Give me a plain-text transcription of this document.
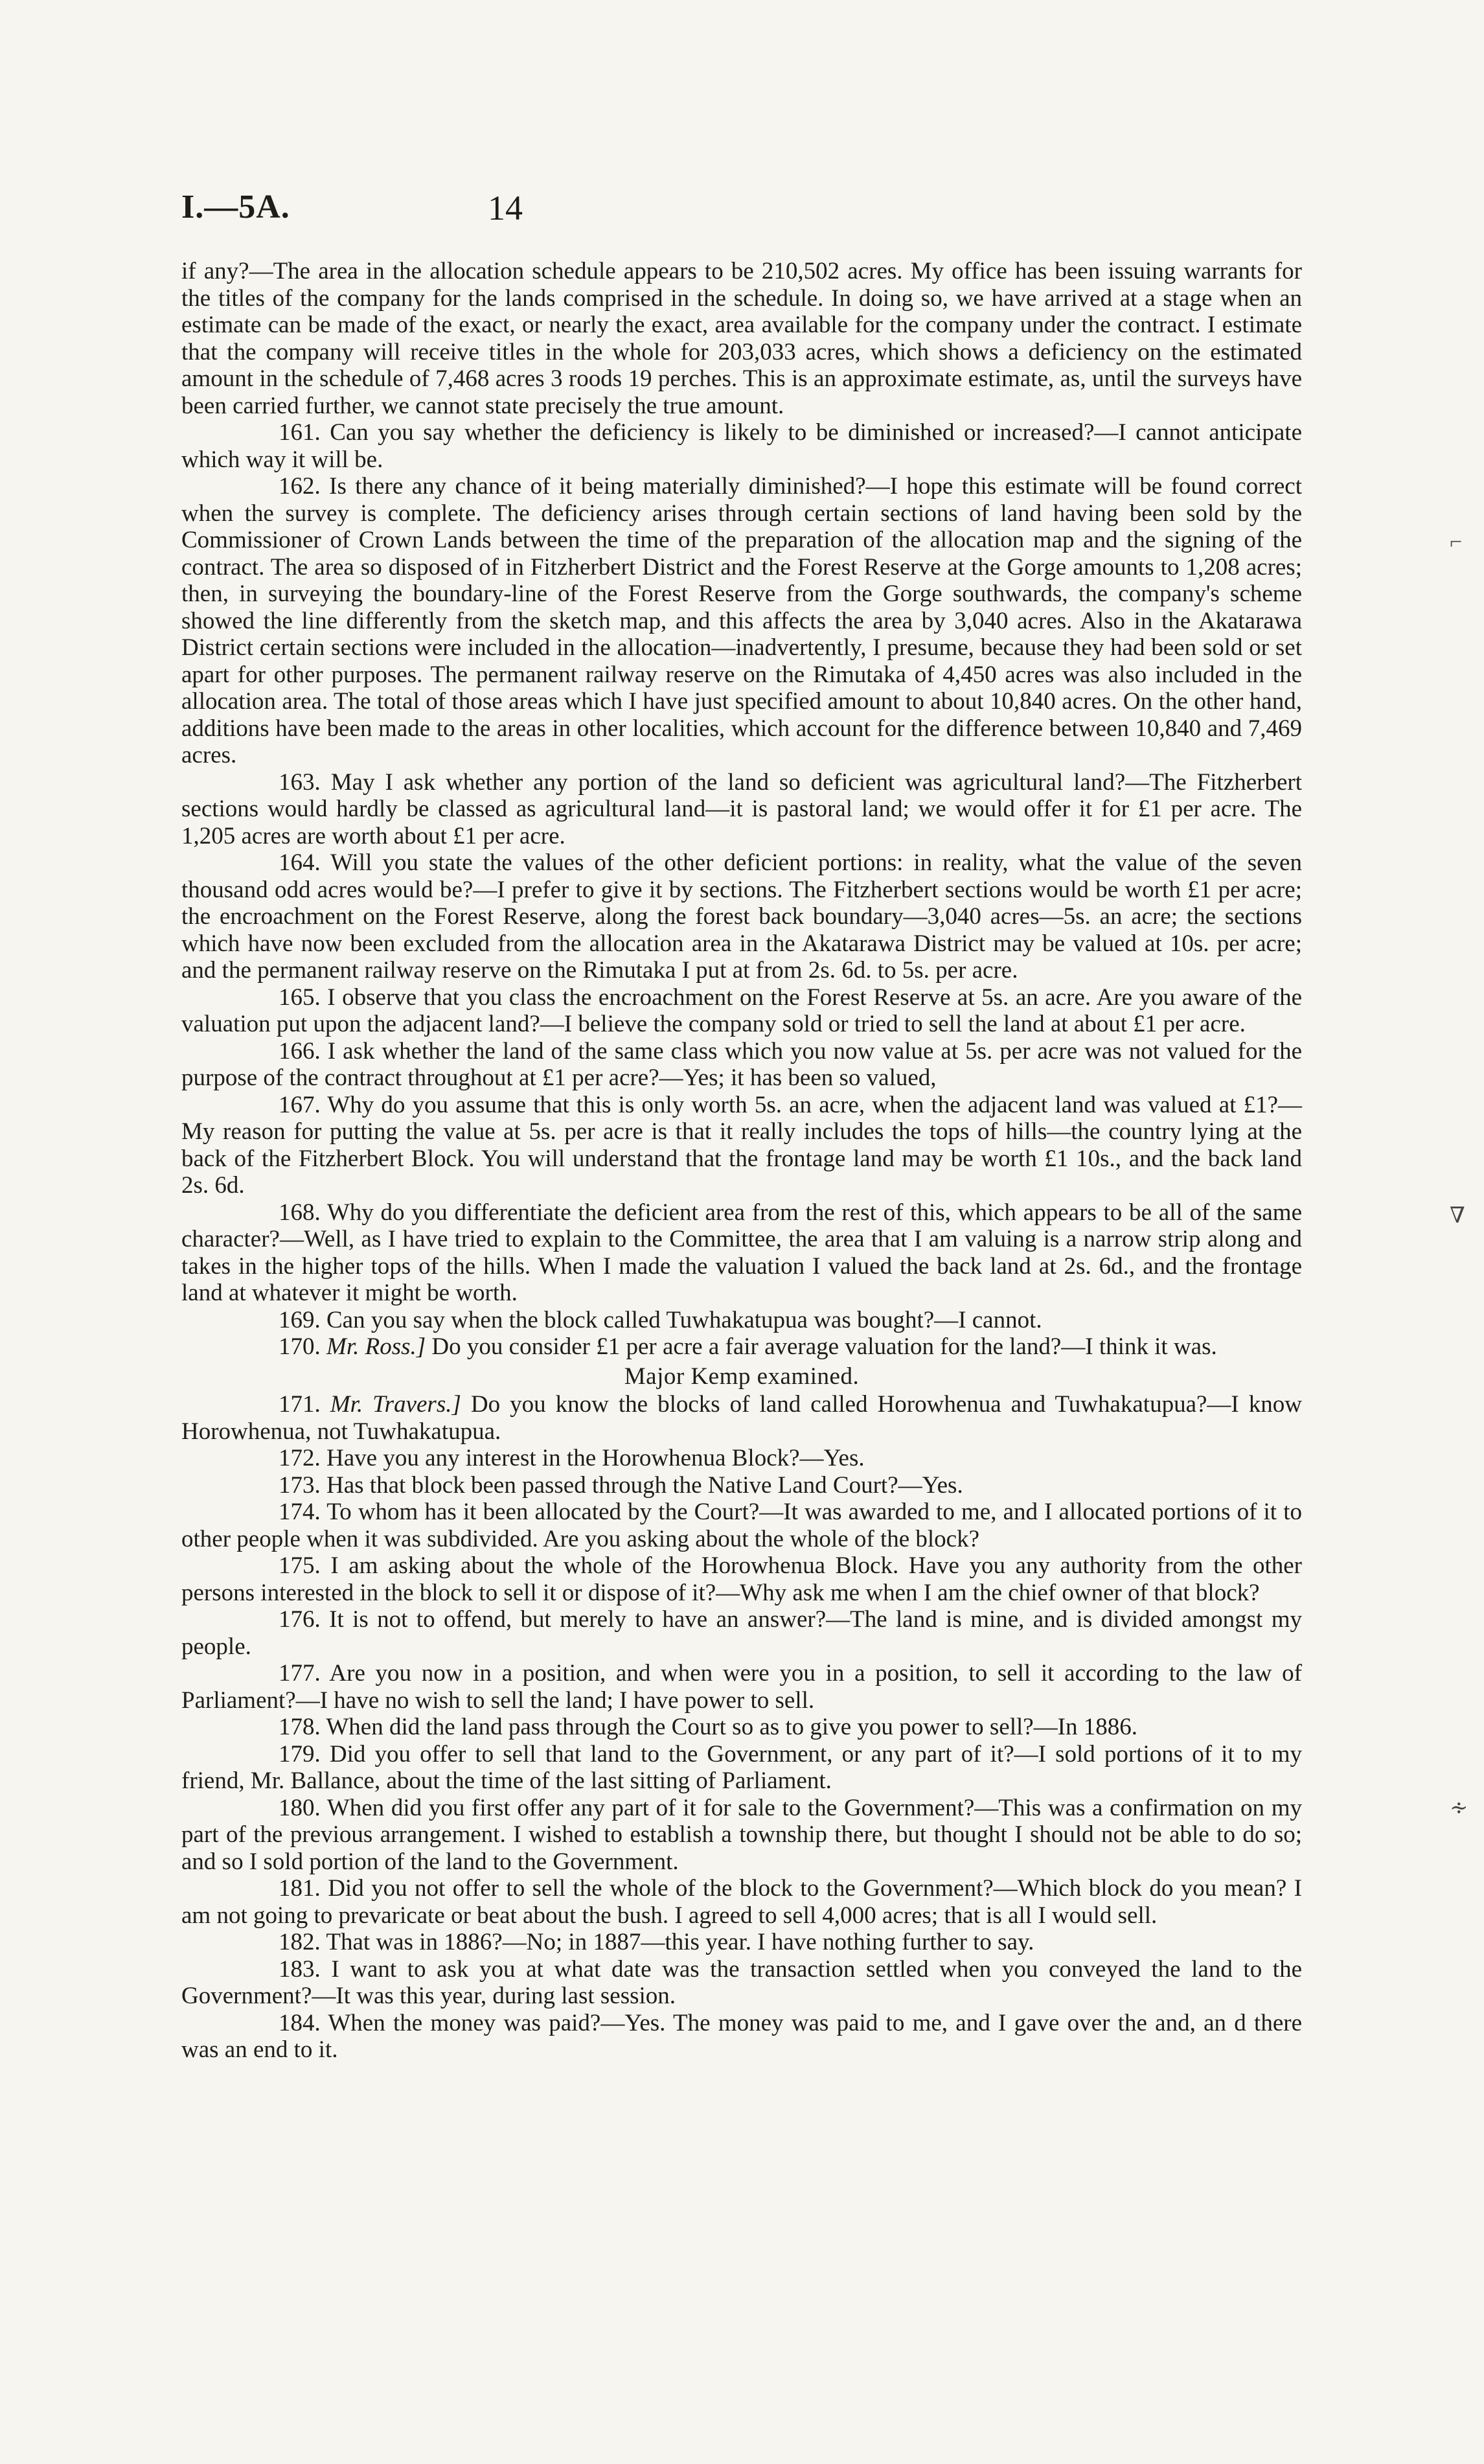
I.—5A.	14

if any?—The area in the allocation schedule appears to be 210,502 acres. My office has been issuing warrants for the titles of the company for the lands comprised in the schedule. In doing so, we have arrived at a stage when an estimate can be made of the exact, or nearly the exact, area available for the company under the contract. I estimate that the company will receive titles in the whole for 203,033 acres, which shows a deficiency on the estimated amount in the schedule of 7,468 acres 3 roods 19 perches. This is an approximate estimate, as, until the surveys have been carried further, we cannot state precisely the true amount.

161. Can you say whether the deficiency is likely to be diminished or increased?—I cannot anticipate which way it will be.

162. Is there any chance of it being materially diminished?—I hope this estimate will be found correct when the survey is complete. The deficiency arises through certain sections of land having been sold by the Commissioner of Crown Lands between the time of the preparation of the allocation map and the signing of the contract. The area so disposed of in Fitzherbert District and the Forest Reserve at the Gorge amounts to 1,208 acres; then, in surveying the boundary-line of the Forest Reserve from the Gorge southwards, the company's scheme showed the line differently from the sketch map, and this affects the area by 3,040 acres. Also in the Akatarawa District certain sections were included in the allocation—inadvertently, I presume, because they had been sold or set apart for other purposes. The permanent railway reserve on the Rimutaka of 4,450 acres was also included in the allocation area. The total of those areas which I have just specified amount to about 10,840 acres. On the other hand, additions have been made to the areas in other localities, which account for the difference between 10,840 and 7,469 acres.

163. May I ask whether any portion of the land so deficient was agricultural land?—The Fitzherbert sections would hardly be classed as agricultural land—it is pastoral land; we would offer it for £1 per acre. The 1,205 acres are worth about £1 per acre.

164. Will you state the values of the other deficient portions: in reality, what the value of the seven thousand odd acres would be?—I prefer to give it by sections. The Fitzherbert sections would be worth £1 per acre; the encroachment on the Forest Reserve, along the forest back boundary—3,040 acres—5s. an acre; the sections which have now been excluded from the allocation area in the Akatarawa District may be valued at 10s. per acre; and the permanent railway reserve on the Rimutaka I put at from 2s. 6d. to 5s. per acre.

165. I observe that you class the encroachment on the Forest Reserve at 5s. an acre. Are you aware of the valuation put upon the adjacent land?—I believe the company sold or tried to sell the land at about £1 per acre.

166. I ask whether the land of the same class which you now value at 5s. per acre was not valued for the purpose of the contract throughout at £1 per acre?—Yes; it has been so valued,

167. Why do you assume that this is only worth 5s. an acre, when the adjacent land was valued at £1?—My reason for putting the value at 5s. per acre is that it really includes the tops of hills—the country lying at the back of the Fitzherbert Block. You will understand that the frontage land may be worth £1 10s., and the back land 2s. 6d.

168. Why do you differentiate the deficient area from the rest of this, which appears to be all of the same character?—Well, as I have tried to explain to the Committee, the area that I am valuing is a narrow strip along and takes in the higher tops of the hills. When I made the valuation I valued the back land at 2s. 6d., and the frontage land at whatever it might be worth.

169. Can you say when the block called Tuwhakatupua was bought?—I cannot.

170. Mr. Ross.] Do you consider £1 per acre a fair average valuation for the land?—I think it was.

Major Kemp examined.

171. Mr. Travers.] Do you know the blocks of land called Horowhenua and Tuwhakatupua?—I know Horowhenua, not Tuwhakatupua.

172. Have you any interest in the Horowhenua Block?—Yes.

173. Has that block been passed through the Native Land Court?—Yes.

174. To whom has it been allocated by the Court?—It was awarded to me, and I allocated portions of it to other people when it was subdivided. Are you asking about the whole of the block?

175. I am asking about the whole of the Horowhenua Block. Have you any authority from the other persons interested in the block to sell it or dispose of it?—Why ask me when I am the chief owner of that block?

176. It is not to offend, but merely to have an answer?—The land is mine, and is divided amongst my people.

177. Are you now in a position, and when were you in a position, to sell it according to the law of Parliament?—I have no wish to sell the land; I have power to sell.

178. When did the land pass through the Court so as to give you power to sell?—In 1886.

179. Did you offer to sell that land to the Government, or any part of it?—I sold portions of it to my friend, Mr. Ballance, about the time of the last sitting of Parliament.

180. When did you first offer any part of it for sale to the Government?—This was a confirmation on my part of the previous arrangement. I wished to establish a township there, but thought I should not be able to do so; and so I sold portion of the land to the Government.

181. Did you not offer to sell the whole of the block to the Government?—Which block do you mean? I am not going to prevaricate or beat about the bush. I agreed to sell 4,000 acres; that is all I would sell.

182. That was in 1886?—No; in 1887—this year. I have nothing further to say.

183. I want to ask you at what date was the transaction settled when you conveyed the land to the Government?—It was this year, during last session.

184. When the money was paid?—Yes. The money was paid to me, and I gave over the and, an d there was an end to it.

⌐
∇
∻
